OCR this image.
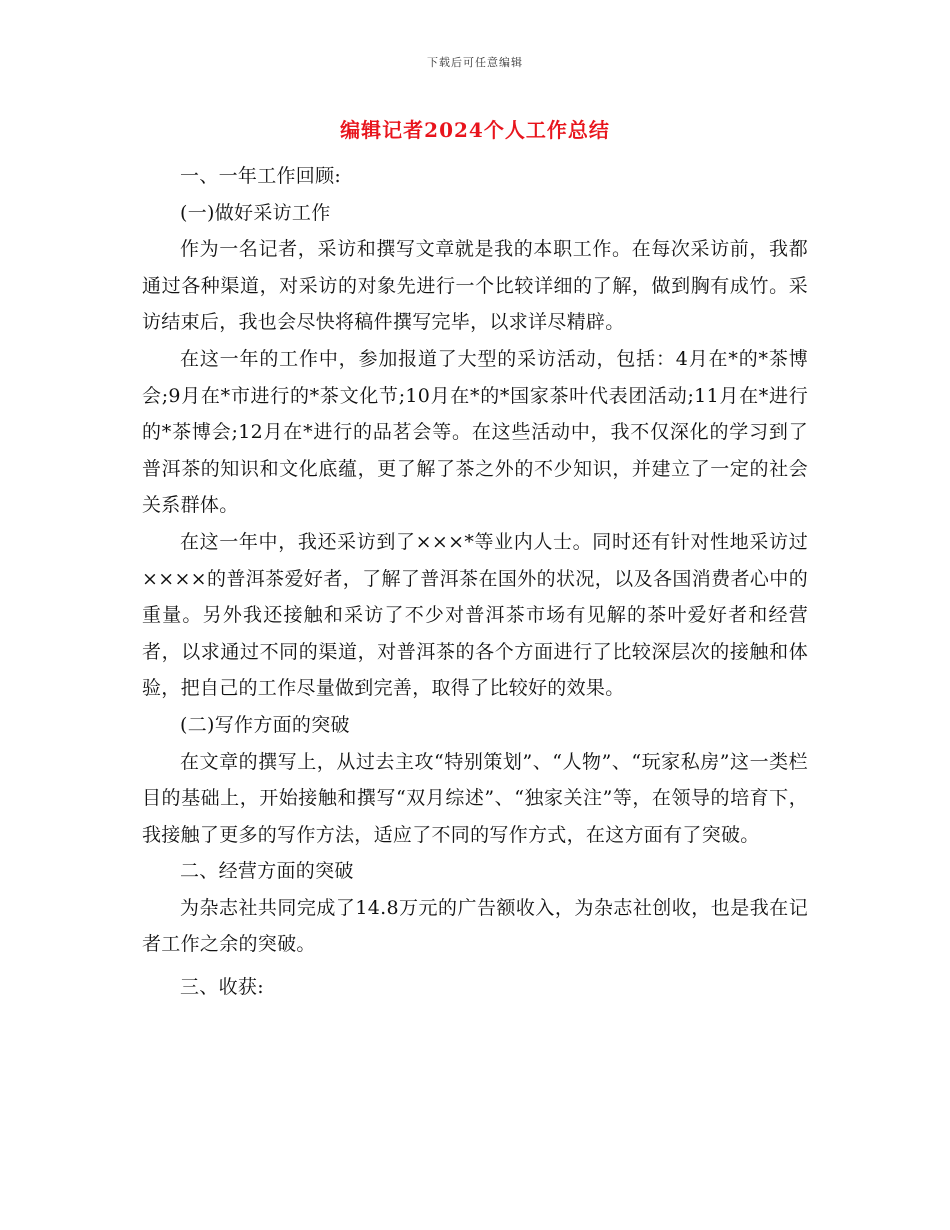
下载后可任意编辑
编辑记者2024个人工作总结

一、一年工作回顾:

(一)做好采访工作

作为一名记者，采访和撰写文章就是我的本职工作。在每次采访前，我都通过各种渠道，对采访的对象先进行一个比较详细的了解，做到胸有成竹。采访结束后，我也会尽快将稿件撰写完毕，以求详尽精辟。

在这一年的工作中，参加报道了大型的采访活动，包括：4月在*的*茶博会;9月在*市进行的*茶文化节;10月在*的*国家茶叶代表团活动;11月在*进行的*茶博会;12月在*进行的品茗会等。在这些活动中，我不仅深化的学习到了普洱茶的知识和文化底蕴，更了解了茶之外的不少知识，并建立了一定的社会关系群体。

在这一年中，我还采访到了×××*等业内人士。同时还有针对性地采访过××××的普洱茶爱好者，了解了普洱茶在国外的状况，以及各国消费者心中的重量。另外我还接触和采访了不少对普洱茶市场有见解的茶叶爱好者和经营者，以求通过不同的渠道，对普洱茶的各个方面进行了比较深层次的接触和体验，把自己的工作尽量做到完善，取得了比较好的效果。

(二)写作方面的突破

在文章的撰写上，从过去主攻“特别策划”、“人物”、“玩家私房”这一类栏目的基础上，开始接触和撰写“双月综述”、“独家关注”等，在领导的培育下，我接触了更多的写作方法，适应了不同的写作方式，在这方面有了突破。

二、经营方面的突破

为杂志社共同完成了14.8万元的广告额收入，为杂志社创收，也是我在记者工作之余的突破。

三、收获:
